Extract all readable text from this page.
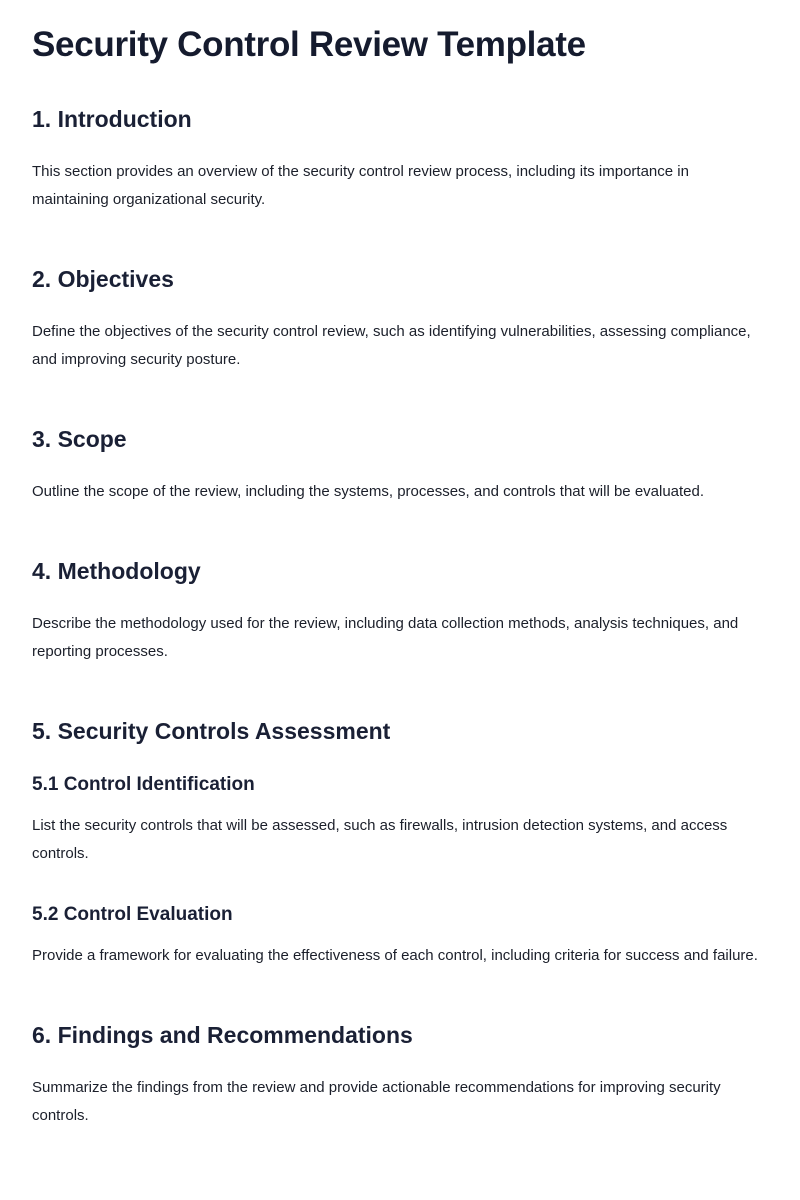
Security Control Review Template
1. Introduction

This section provides an overview of the security control review process, including its importance in maintaining organizational security.

2. Objectives

Define the objectives of the security control review, such as identifying vulnerabilities, assessing compliance, and improving security posture.

3. Scope

Outline the scope of the review, including the systems, processes, and controls that will be evaluated.

4. Methodology

Describe the methodology used for the review, including data collection methods, analysis techniques, and reporting processes.

5. Security Controls Assessment
5.1 Control Identification

List the security controls that will be assessed, such as firewalls, intrusion detection systems, and access controls.

5.2 Control Evaluation

Provide a framework for evaluating the effectiveness of each control, including criteria for success and failure.

6. Findings and Recommendations

Summarize the findings from the review and provide actionable recommendations for improving security controls.
